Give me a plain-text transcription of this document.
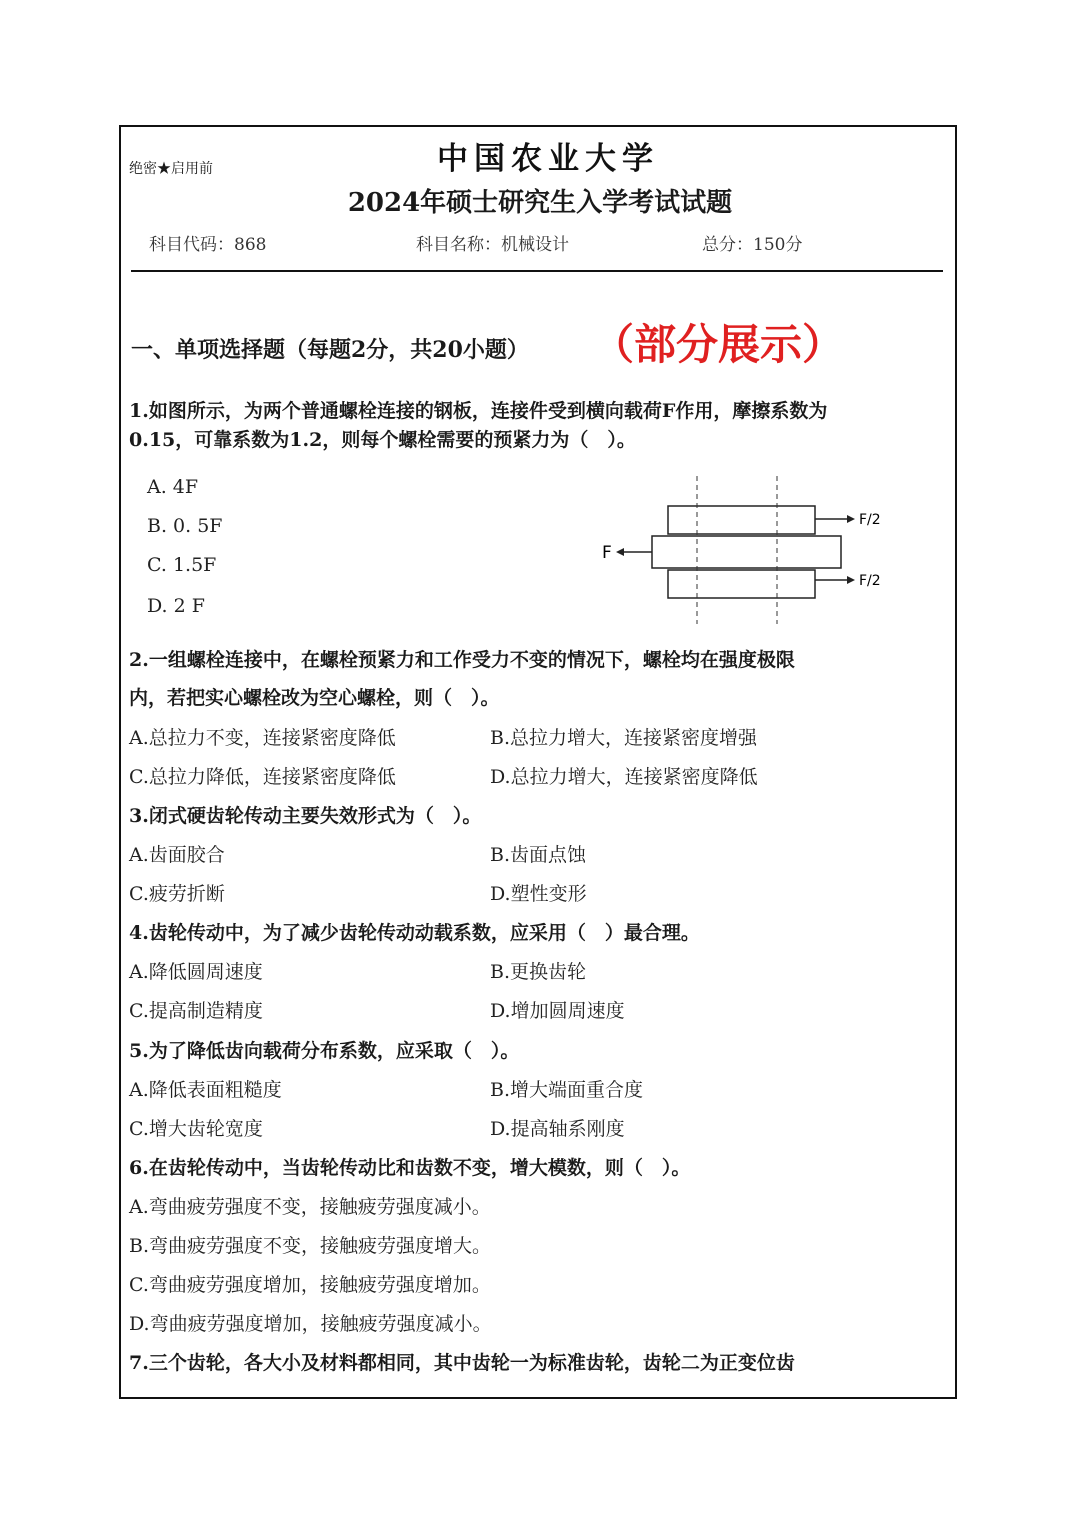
中国农业大学
绝密★启用前
2024年硕士研究生入学考试试题
科目代码：868	科目名称：机械设计	总分：150分
一、单项选择题（每题2分，共20小题） （部分展示）
1.如图所示，为两个普通螺栓连接的钢板，连接件受到横向载荷F作用，摩擦系数为
0.15，可靠系数为1.2，则每个螺栓需要的预紧力为（　）。
A. 4F
B. 0. 5F
C. 1.5F
D. 2 F
F
F/2
F/2
2.一组螺栓连接中，在螺栓预紧力和工作受力不变的情况下，螺栓均在强度极限
内，若把实心螺栓改为空心螺栓，则（　）。
A.总拉力不变，连接紧密度降低	B.总拉力增大，连接紧密度增强
C.总拉力降低，连接紧密度降低	D.总拉力增大，连接紧密度降低
3.闭式硬齿轮传动主要失效形式为（　）。
A.齿面胶合	B.齿面点蚀
C.疲劳折断	D.塑性变形
4.齿轮传动中，为了减少齿轮传动动载系数，应采用（　）最合理。
A.降低圆周速度	B.更换齿轮
C.提高制造精度	D.增加圆周速度
5.为了降低齿向载荷分布系数，应采取（　）。
A.降低表面粗糙度	B.增大端面重合度
C.增大齿轮宽度	D.提高轴系刚度
6.在齿轮传动中，当齿轮传动比和齿数不变，增大模数，则（　）。
A.弯曲疲劳强度不变，接触疲劳强度减小。
B.弯曲疲劳强度不变，接触疲劳强度增大。
C.弯曲疲劳强度增加，接触疲劳强度增加。
D.弯曲疲劳强度增加，接触疲劳强度减小。
7.三个齿轮，各大小及材料都相同，其中齿轮一为标准齿轮，齿轮二为正变位齿
